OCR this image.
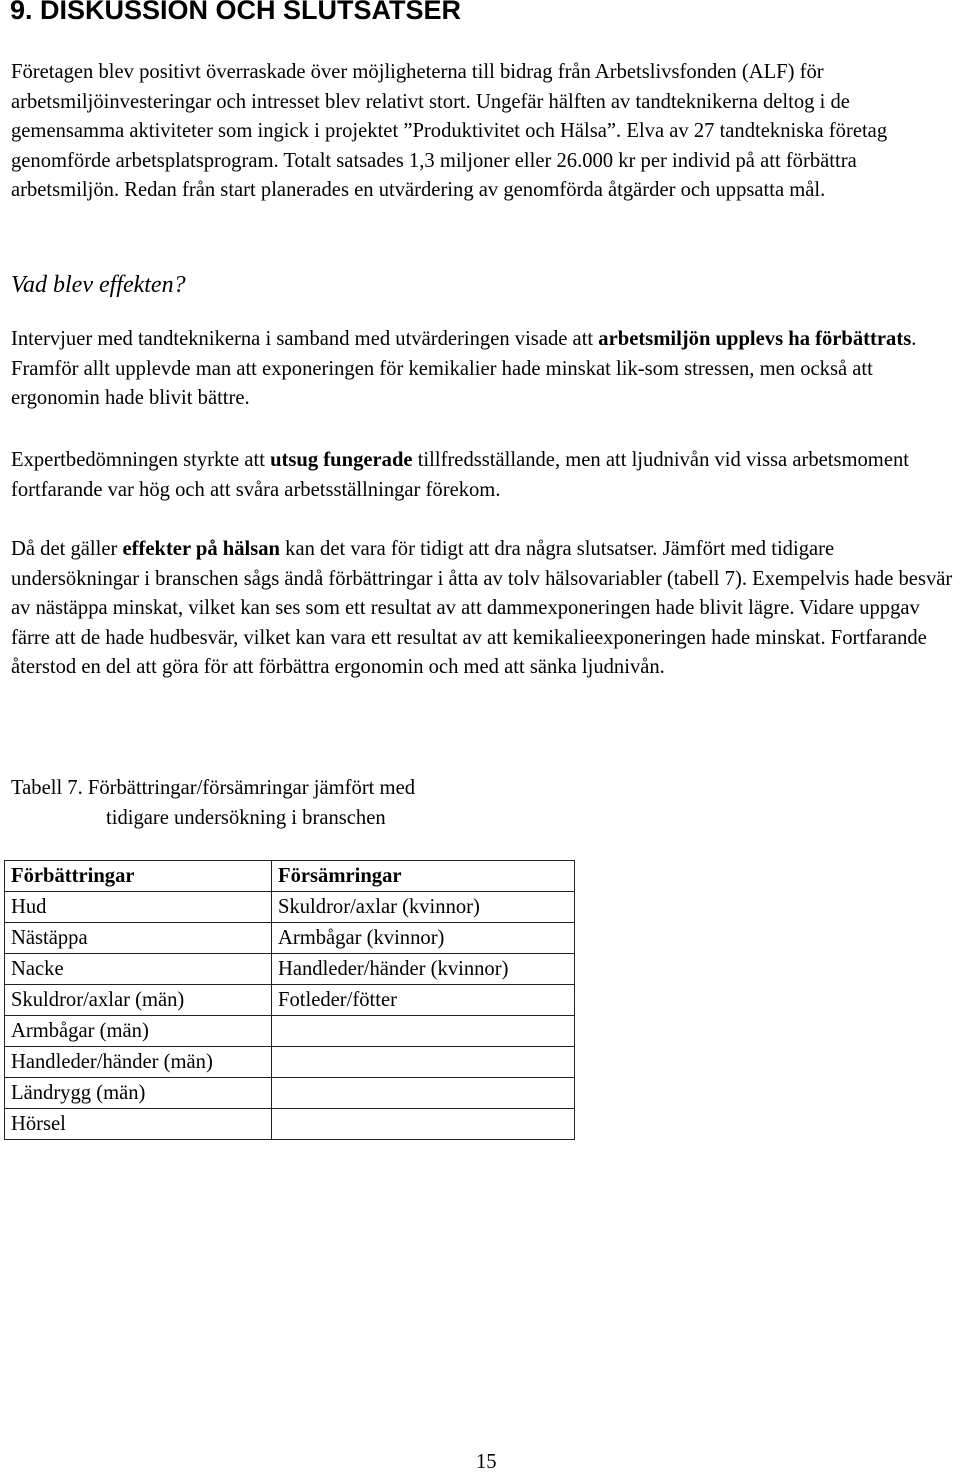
9. DISKUSSION OCH SLUTSATSER

Företagen blev positivt överraskade över möjligheterna till bidrag från Arbetslivsfonden (ALF) för arbetsmiljöinvesteringar och intresset blev relativt stort. Ungefär hälften av tandteknikerna deltog i de gemensamma aktiviteter som ingick i projektet ”Produktivitet och Hälsa”. Elva av 27 tandtekniska företag genomförde arbetsplatsprogram. Totalt satsades 1,3 miljoner eller 26.000 kr per individ på att förbättra arbetsmiljön. Redan från start planerades en utvärdering av genomförda åtgärder och uppsatta mål.

Vad blev effekten?

Intervjuer med tandteknikerna i samband med utvärderingen visade att arbetsmiljön upplevs ha förbättrats. Framför allt upplevde man att exponeringen för kemikalier hade minskat lik-som stressen, men också att ergonomin hade blivit bättre.

Expertbedömningen styrkte att utsug fungerade tillfredsställande, men att ljudnivån vid vissa arbetsmoment fortfarande var hög och att svåra arbetsställningar förekom.

Då det gäller effekter på hälsan kan det vara för tidigt att dra några slutsatser. Jämfört med tidigare undersökningar i branschen sågs ändå förbättringar i åtta av tolv hälsovariabler (tabell 7). Exempelvis hade besvär av nästäppa minskat, vilket kan ses som ett resultat av att dammexponeringen hade blivit lägre. Vidare uppgav färre att de hade hudbesvär, vilket kan vara ett resultat av att kemikalieexponeringen hade minskat. Fortfarande återstod en del att göra för att förbättra ergonomin och med att sänka ljudnivån.

Tabell 7. Förbättringar/försämringar jämfört med
tidigare undersökning i branschen

Förbättringar	Försämringar
Hud	Skuldror/axlar (kvinnor)
Nästäppa	Armbågar (kvinnor)
Nacke	Handleder/händer (kvinnor)
Skuldror/axlar (män)	Fotleder/fötter
Armbågar (män)	
Handleder/händer (män)	
Ländrygg (män)	
Hörsel	

15
